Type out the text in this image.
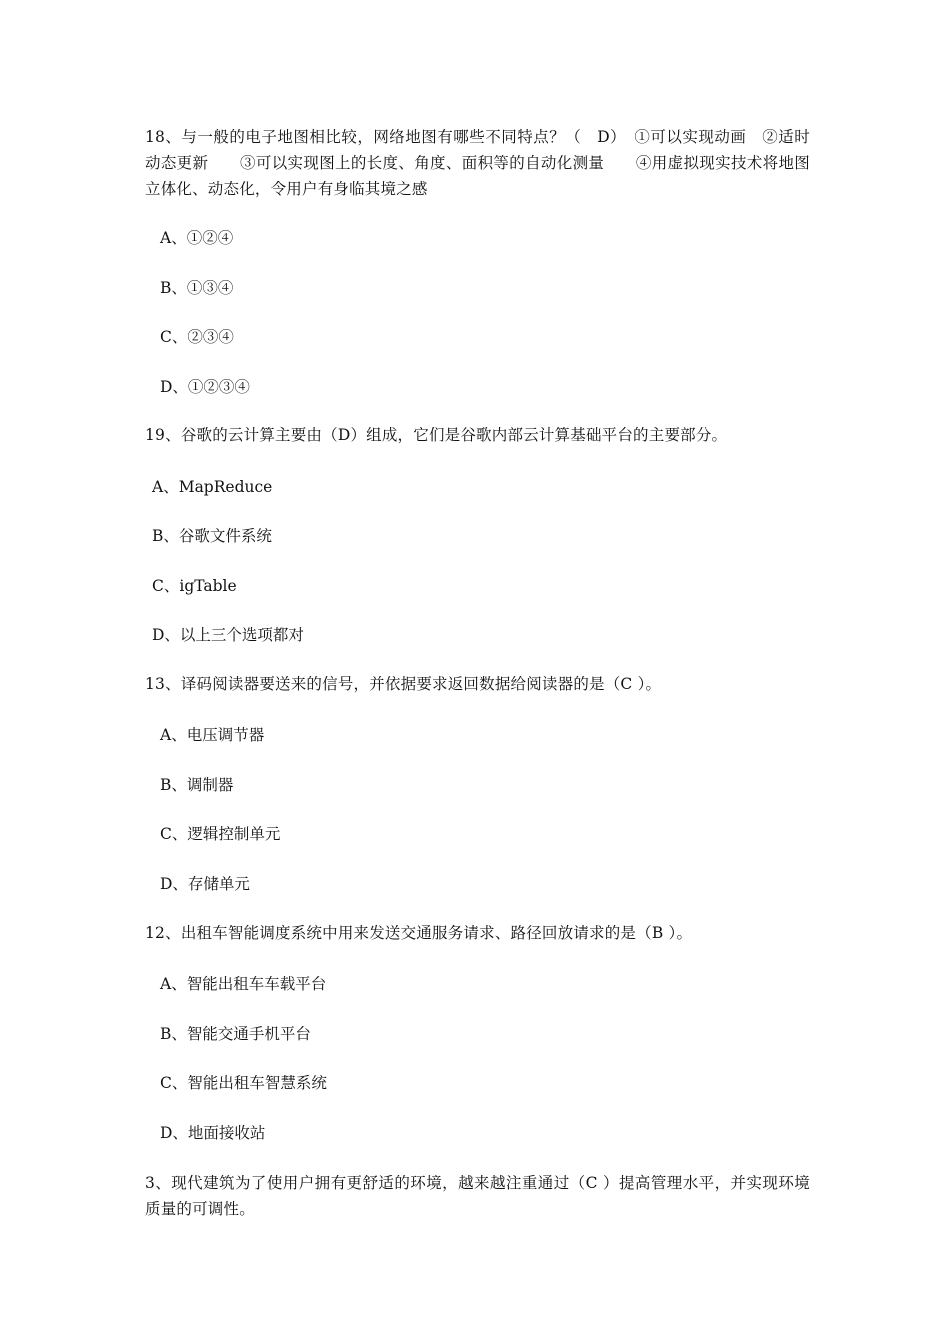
18、与一般的电子地图相比较，网络地图有哪些不同特点？（　D）　①可以实现动画　②适时动态更新　　③可以实现图上的长度、角度、面积等的自动化测量　　④用虚拟现实技术将地图立体化、动态化，令用户有身临其境之感
A、①②④
B、①③④
C、②③④
D、①②③④
19、谷歌的云计算主要由（D）组成，它们是谷歌内部云计算基础平台的主要部分。
A、MapReduce
B、谷歌文件系统
C、igTable
D、以上三个选项都对
13、译码阅读器要送来的信号，并依据要求返回数据给阅读器的是（C ）。
A、电压调节器
B、调制器
C、逻辑控制单元
D、存储单元
12、出租车智能调度系统中用来发送交通服务请求、路径回放请求的是（B ）。
A、智能出租车车载平台
B、智能交通手机平台
C、智能出租车智慧系统
D、地面接收站
3、现代建筑为了使用户拥有更舒适的环境，越来越注重通过（C ）提高管理水平，并实现环境质量的可调性。
